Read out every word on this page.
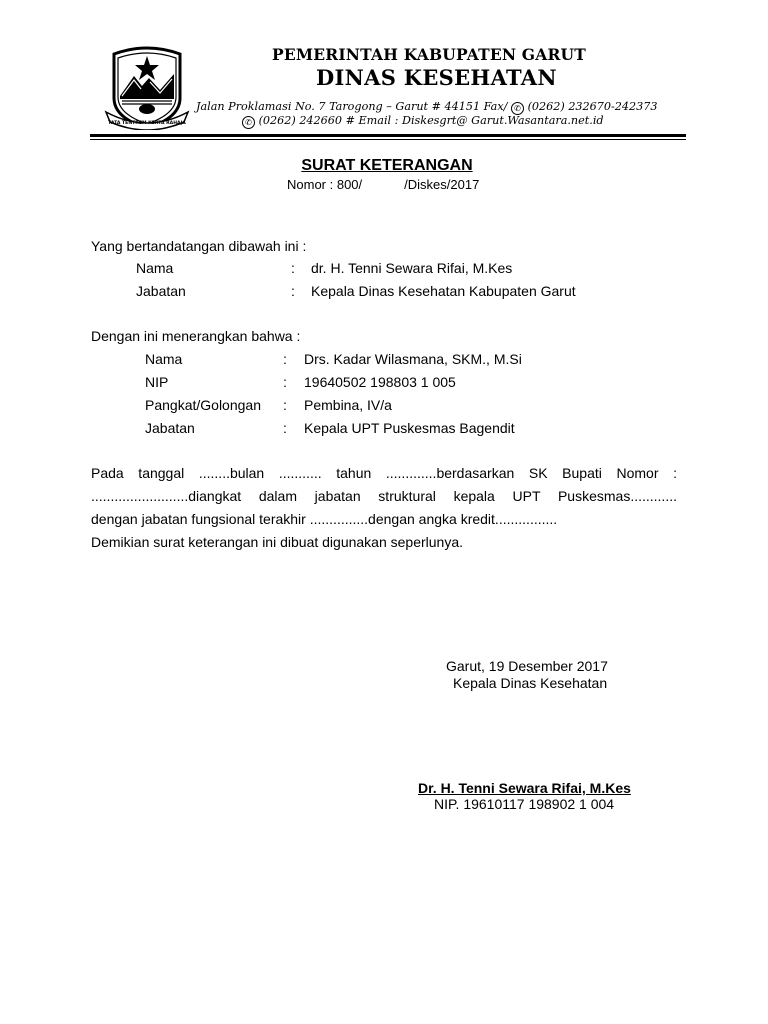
TATA TENTREM KERTA RAHAJA
PEMERINTAH KABUPATEN GARUT
DINAS KESEHATAN
Jalan Proklamasi No. 7 Tarogong – Garut # 44151 Fax/ ✆ (0262) 232670-242373
✆ (0262) 242660 # Email : Diskesgrt@ Garut.Wasantara.net.id
SURAT KETERANGAN
Nomor : 800/	/Diskes/2017
Yang bertandatangan dibawah ini :
Nama	: dr. H. Tenni Sewara Rifai, M.Kes
Jabatan	: Kepala Dinas Kesehatan Kabupaten Garut
Dengan ini menerangkan bahwa :
Nama	: Drs. Kadar Wilasmana, SKM., M.Si
NIP	: 19640502 198803 1 005
Pangkat/Golongan : Pembina, IV/a
Jabatan	: Kepala UPT Puskesmas Bagendit
Pada tanggal ........bulan ........... tahun .............berdasarkan SK Bupati Nomor :
.........................diangkat dalam jabatan struktural kepala UPT Puskesmas............
dengan jabatan fungsional terakhir ...............dengan angka kredit................
Demikian surat keterangan ini dibuat digunakan seperlunya.
Garut, 19 Desember 2017
Kepala Dinas Kesehatan
Dr. H. Tenni Sewara Rifai, M.Kes
NIP. 19610117 198902 1 004
